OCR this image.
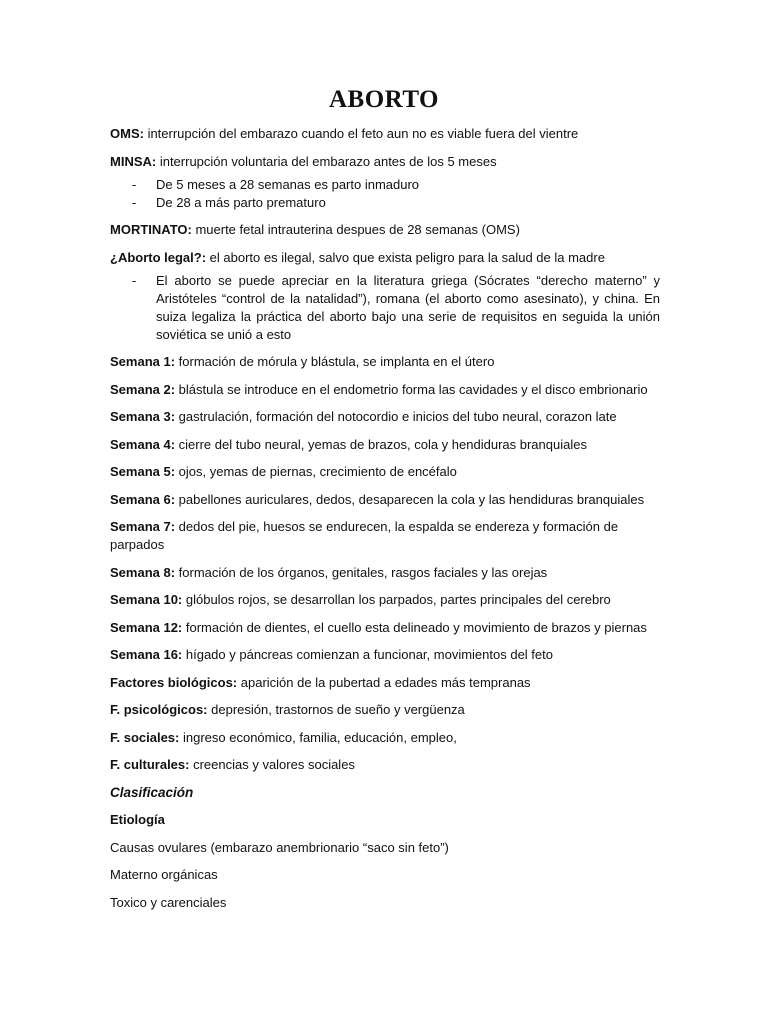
ABORTO

OMS: interrupción del embarazo cuando el feto aun no es viable fuera del vientre

MINSA: interrupción voluntaria del embarazo antes de los 5 meses

- De 5 meses a 28 semanas es parto inmaduro
- De 28 a más parto prematuro

MORTINATO: muerte fetal intrauterina despues de 28 semanas (OMS)

¿Aborto legal?: el aborto es ilegal, salvo que exista peligro para la salud de la madre

- El aborto se puede apreciar en la literatura griega (Sócrates “derecho materno” y Aristóteles “control de la natalidad”), romana (el aborto como asesinato), y china. En suiza legaliza la práctica del aborto bajo una serie de requisitos en seguida la unión soviética se unió a esto

Semana 1: formación de mórula y blástula, se implanta en el útero

Semana 2: blástula se introduce en el endometrio forma las cavidades y el disco embrionario

Semana 3: gastrulación, formación del notocordio e inicios del tubo neural, corazon late

Semana 4: cierre del tubo neural, yemas de brazos, cola y hendiduras branquiales

Semana 5: ojos, yemas de piernas, crecimiento de encéfalo

Semana 6: pabellones auriculares, dedos, desaparecen la cola y las hendiduras branquiales

Semana 7: dedos del pie, huesos se endurecen, la espalda se endereza y formación de parpados

Semana 8: formación de los órganos, genitales, rasgos faciales y las orejas

Semana 10: glóbulos rojos, se desarrollan los parpados, partes principales del cerebro

Semana 12: formación de dientes, el cuello esta delineado y movimiento de brazos y piernas

Semana 16: hígado y páncreas comienzan a funcionar, movimientos del feto

Factores biológicos: aparición de la pubertad a edades más tempranas

F. psicológicos: depresión, trastornos de sueño y vergüenza

F. sociales: ingreso económico, familia, educación, empleo,

F. culturales: creencias y valores sociales

Clasificación

Etiología

Causas ovulares (embarazo anembrionario “saco sin feto”)

Materno orgánicas

Toxico y carenciales
